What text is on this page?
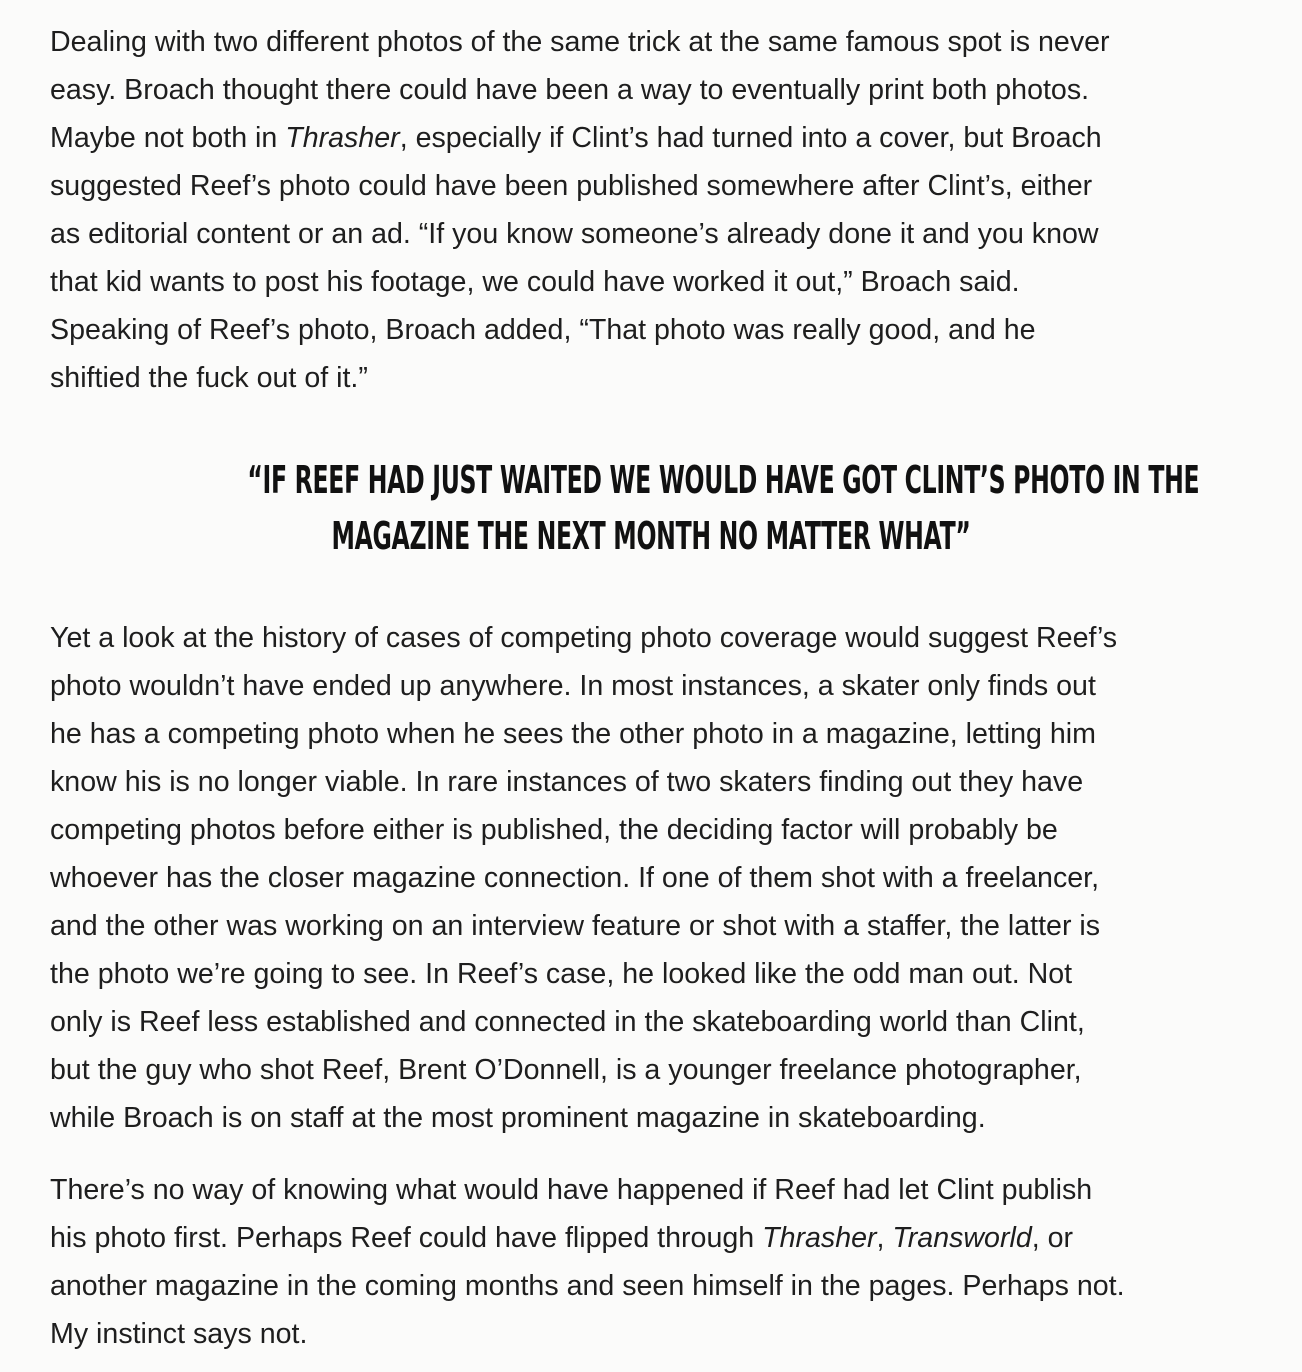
Dealing with two different photos of the same trick at the same famous spot is never
easy. Broach thought there could have been a way to eventually print both photos.
Maybe not both in Thrasher, especially if Clint’s had turned into a cover, but Broach
suggested Reef’s photo could have been published somewhere after Clint’s, either
as editorial content or an ad. “If you know someone’s already done it and you know
that kid wants to post his footage, we could have worked it out,” Broach said.
Speaking of Reef’s photo, Broach added, “That photo was really good, and he
shiftied the fuck out of it.”

“IF REEF HAD JUST WAITED WE WOULD HAVE GOT CLINT’S PHOTO IN THE
MAGAZINE THE NEXT MONTH NO MATTER WHAT”

Yet a look at the history of cases of competing photo coverage would suggest Reef’s
photo wouldn’t have ended up anywhere. In most instances, a skater only finds out
he has a competing photo when he sees the other photo in a magazine, letting him
know his is no longer viable. In rare instances of two skaters finding out they have
competing photos before either is published, the deciding factor will probably be
whoever has the closer magazine connection. If one of them shot with a freelancer,
and the other was working on an interview feature or shot with a staffer, the latter is
the photo we’re going to see. In Reef’s case, he looked like the odd man out. Not
only is Reef less established and connected in the skateboarding world than Clint,
but the guy who shot Reef, Brent O’Donnell, is a younger freelance photographer,
while Broach is on staff at the most prominent magazine in skateboarding.

There’s no way of knowing what would have happened if Reef had let Clint publish
his photo first. Perhaps Reef could have flipped through Thrasher, Transworld, or
another magazine in the coming months and seen himself in the pages. Perhaps not.
My instinct says not.
